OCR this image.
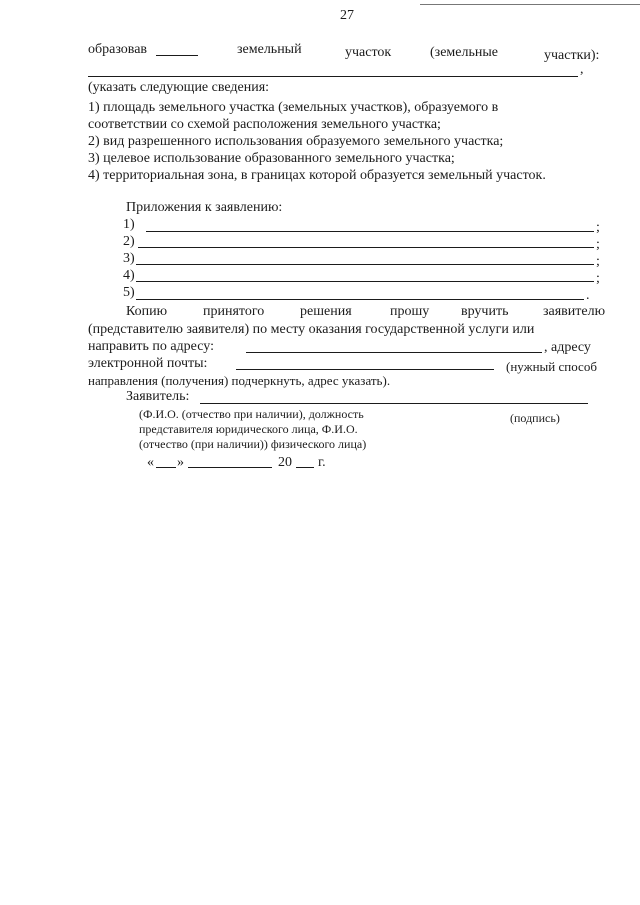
27
образовав	земельный	участок	(земельные	участки):
,
(указать следующие сведения:
1) площадь земельного участка (земельных участков), образуемого в
соответствии со схемой расположения земельного участка;
2) вид разрешенного использования образуемого земельного участка;
3) целевое использование образованного земельного участка;
4) территориальная зона, в границах которой образуется земельный участок.
Приложения к заявлению:
1)	;
2)	;
3)	;
4)	;
5)	.
Копию	принятого	решения	прошу вручить заявителю
(представителю заявителя) по месту оказания государственной услуги или
направить по адресу:	, адресу
электронной почты:	(нужный способ
направления (получения) подчеркнуть, адрес указать).
Заявитель:
(Ф.И.О. (отчество при наличии), должность
представителя юридического лица, Ф.И.О.
(отчество (при наличии)) физического лица)
(подпись)
« »	20 г.
